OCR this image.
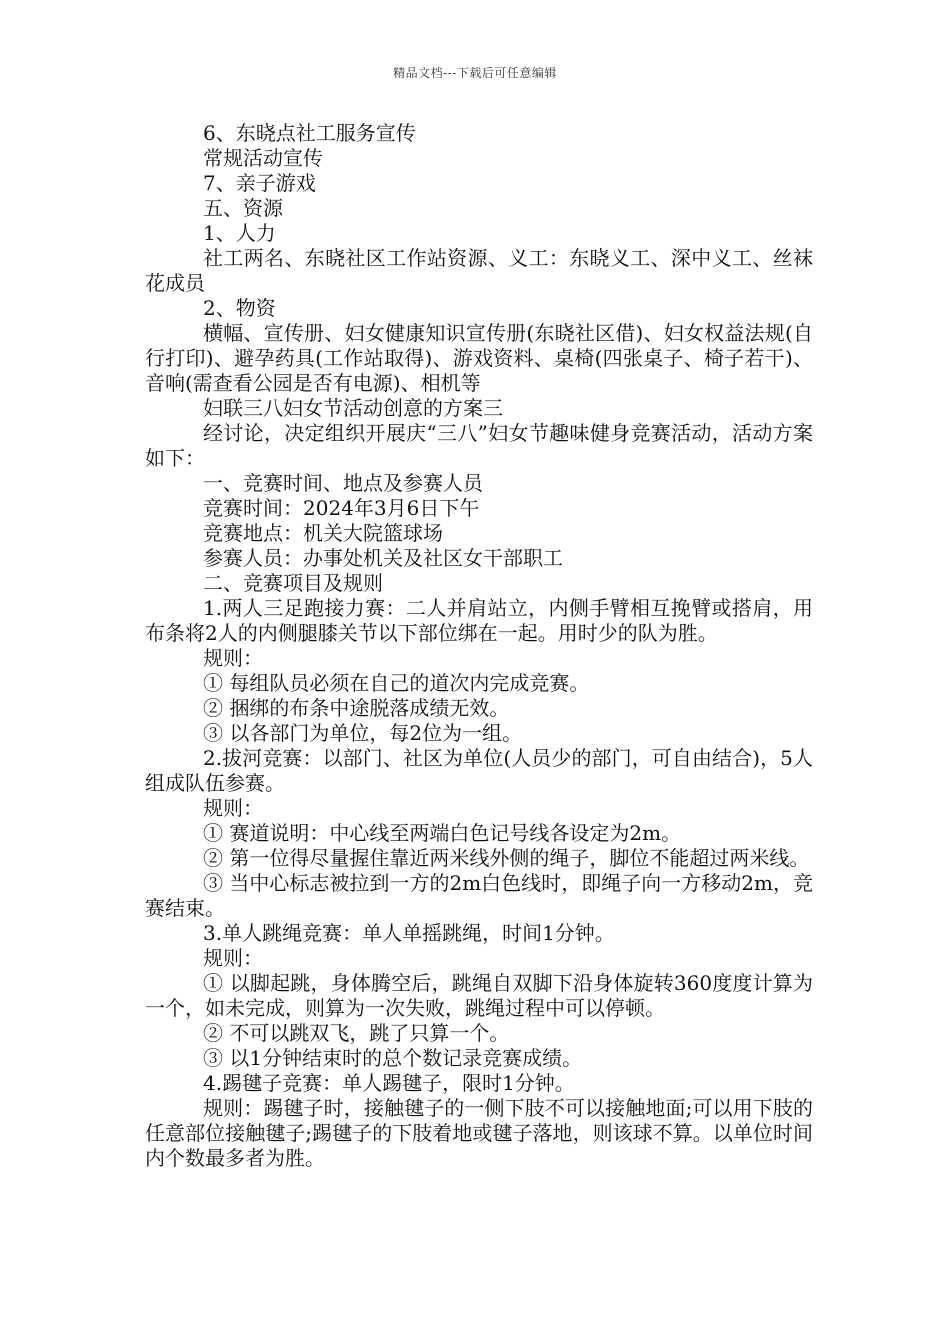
精品文档---下载后可任意编辑

6、东晓点社工服务宣传

常规活动宣传

7、亲子游戏

五、资源

1、人力

社工两名、东晓社区工作站资源、义工：东晓义工、深中义工、丝袜花成员

2、物资

横幅、宣传册、妇女健康知识宣传册(东晓社区借)、妇女权益法规(自行打印)、避孕药具(工作站取得)、游戏资料、桌椅(四张桌子、椅子若干)、音响(需查看公园是否有电源)、相机等

妇联三八妇女节活动创意的方案三

经讨论，决定组织开展庆“三八”妇女节趣味健身竞赛活动，活动方案如下：

一、竞赛时间、地点及参赛人员

竞赛时间：2024年3月6日下午

竞赛地点：机关大院篮球场

参赛人员：办事处机关及社区女干部职工

二、竞赛项目及规则

1.两人三足跑接力赛：二人并肩站立，内侧手臂相互挽臂或搭肩，用布条将2人的内侧腿膝关节以下部位绑在一起。用时少的队为胜。

规则：

① 每组队员必须在自己的道次内完成竞赛。

② 捆绑的布条中途脱落成绩无效。

③ 以各部门为单位，每2位为一组。

2.拔河竞赛：以部门、社区为单位(人员少的部门，可自由结合)，5人组成队伍参赛。

规则：

① 赛道说明：中心线至两端白色记号线各设定为2m。

② 第一位得尽量握住靠近两米线外侧的绳子，脚位不能超过两米线。

③ 当中心标志被拉到一方的2m白色线时，即绳子向一方移动2m，竞赛结束。

3.单人跳绳竞赛：单人单摇跳绳，时间1分钟。

规则：

① 以脚起跳，身体腾空后，跳绳自双脚下沿身体旋转360度度计算为一个，如未完成，则算为一次失败，跳绳过程中可以停顿。

② 不可以跳双飞，跳了只算一个。

③ 以1分钟结束时的总个数记录竞赛成绩。

4.踢毽子竞赛：单人踢毽子，限时1分钟。

规则：踢毽子时，接触毽子的一侧下肢不可以接触地面;可以用下肢的任意部位接触毽子;踢毽子的下肢着地或毽子落地，则该球不算。以单位时间内个数最多者为胜。
